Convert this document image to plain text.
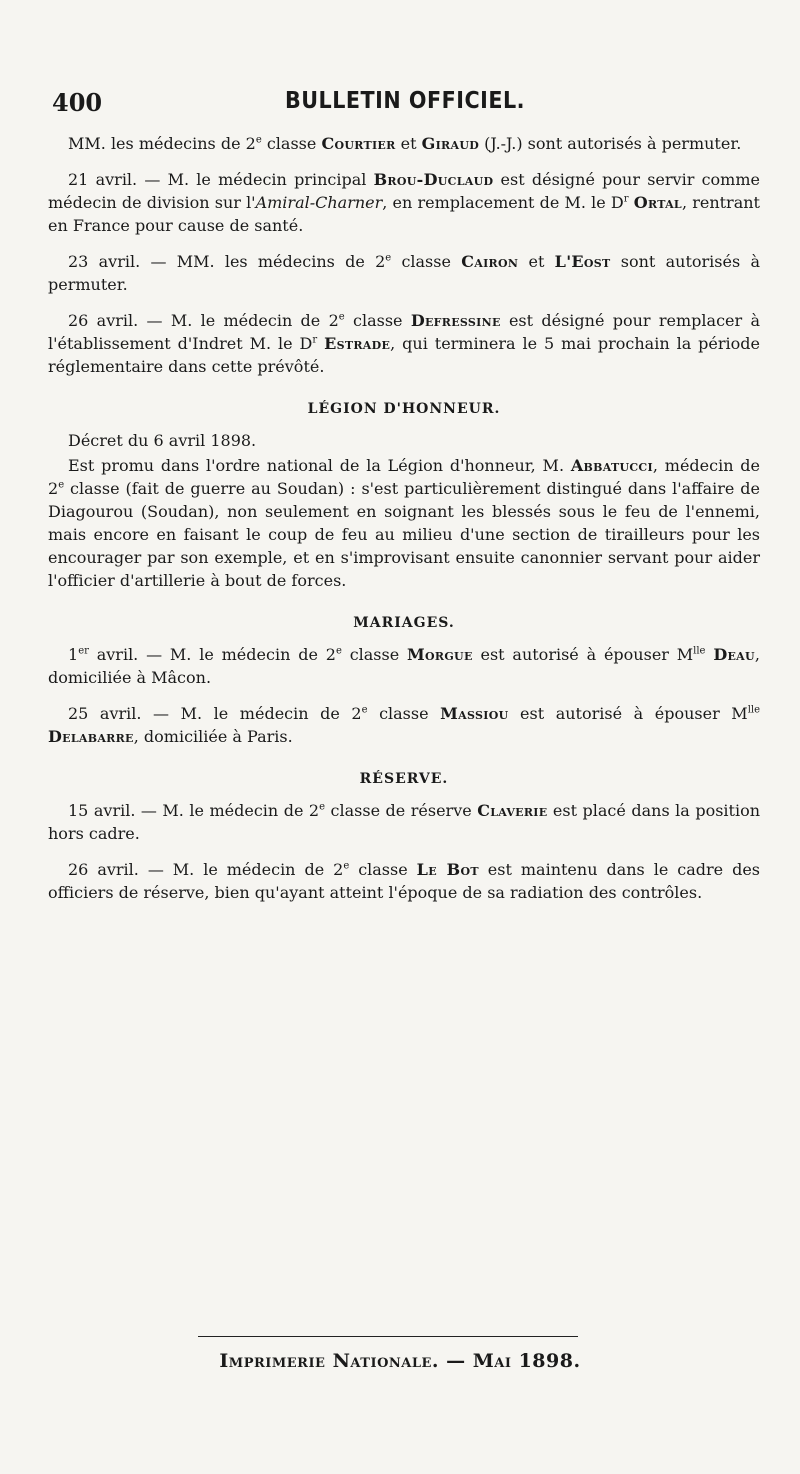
400	BULLETIN OFFICIEL.

MM. les médecins de 2e classe Courtier et Giraud (J.-J.) sont autorisés à permuter.

21 avril. — M. le médecin principal Brou-Duclaud est désigné pour servir comme médecin de division sur l'Amiral-Charner, en remplacement de M. le $D^r$ Ortal, rentrant en France pour cause de santé.

23 avril. — MM. les médecins de 2e classe Cairon et L'Eost sont autorisés à permuter.

26 avril. — M. le médecin de 2e classe Defressine est désigné pour remplacer à l'établissement d'Indret M. le $D^r$ Estrade, qui terminera le 5 mai prochain la période réglementaire dans cette prévôté.

LÉGION D'HONNEUR.

Décret du 6 avril 1898.

Est promu dans l'ordre national de la Légion d'honneur, M. Abbatucci, médecin de 2e classe (fait de guerre au Soudan) : s'est particulièrement distingué dans l'affaire de Diagourou (Soudan), non seulement en soignant les blessés sous le feu de l'ennemi, mais encore en faisant le coup de feu au milieu d'une section de tirailleurs pour les encourager par son exemple, et en s'improvisant ensuite canonnier servant pour aider l'officier d'artillerie à bout de forces.

MARIAGES.

1er avril. — M. le médecin de 2e classe Morgue est autorisé à épouser $M^{lle}$ Deau, domiciliée à Mâcon.

25 avril. — M. le médecin de 2e classe Massiou est autorisé à épouser $M^{lle}$ Delabarre, domiciliée à Paris.

RÉSERVE.

15 avril. — M. le médecin de 2e classe de réserve Claverie est placé dans la position hors cadre.

26 avril. — M. le médecin de 2e classe Le Bot est maintenu dans le cadre des officiers de réserve, bien qu'ayant atteint l'époque de sa radiation des contrôles.

Imprimerie Nationale. — Mai 1898.
